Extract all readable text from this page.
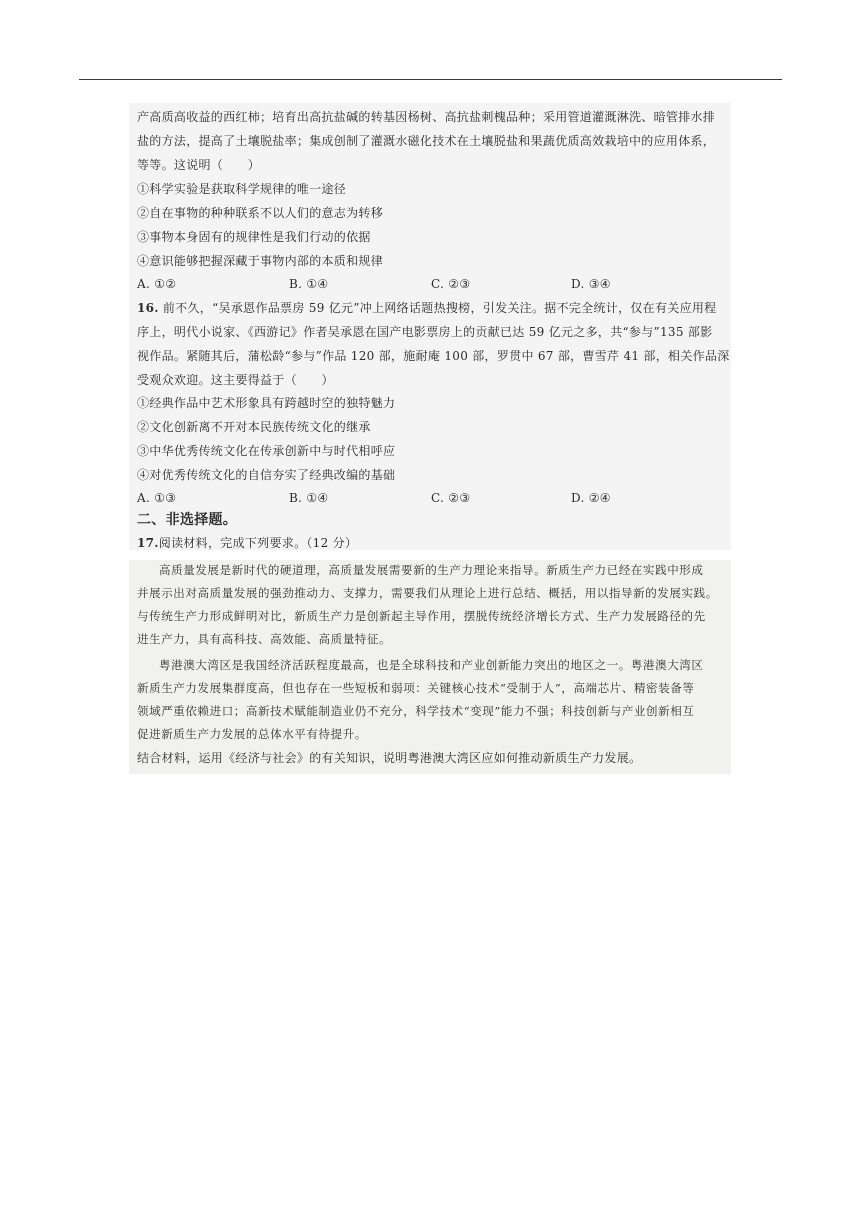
产高质高收益的西红柿；培育出高抗盐碱的转基因杨树、高抗盐刺槐品种；采用管道灌溉淋洗、暗管排水排
盐的方法，提高了土壤脱盐率；集成创制了灌溉水磁化技术在土壤脱盐和果蔬优质高效栽培中的应用体系，
等等。这说明（　　）
①科学实验是获取科学规律的唯一途径
②自在事物的种种联系不以人们的意志为转移
③事物本身固有的规律性是我们行动的依据
④意识能够把握深藏于事物内部的本质和规律
A. ①②	B. ①④	C. ②③	D. ③④
16. 前不久，“吴承恩作品票房 59 亿元”冲上网络话题热搜榜，引发关注。据不完全统计，仅在有关应用程
序上，明代小说家、《西游记》作者吴承恩在国产电影票房上的贡献已达 59 亿元之多，共“参与”135 部影
视作品。紧随其后，蒲松龄“参与”作品 120 部，施耐庵 100 部，罗贯中 67 部，曹雪芹 41 部，相关作品深
受观众欢迎。这主要得益于（　　）
①经典作品中艺术形象具有跨越时空的独特魅力
②文化创新离不开对本民族传统文化的继承
③中华优秀传统文化在传承创新中与时代相呼应
④对优秀传统文化的自信夯实了经典改编的基础
A. ①③	B. ①④	C. ②③	D. ②④
二、非选择题。
17.阅读材料，完成下列要求。（12 分）
高质量发展是新时代的硬道理，高质量发展需要新的生产力理论来指导。新质生产力已经在实践中形成
并展示出对高质量发展的强劲推动力、支撑力，需要我们从理论上进行总结、概括，用以指导新的发展实践。
与传统生产力形成鲜明对比，新质生产力是创新起主导作用，摆脱传统经济增长方式、生产力发展路径的先
进生产力，具有高科技、高效能、高质量特征。
粤港澳大湾区是我国经济活跃程度最高，也是全球科技和产业创新能力突出的地区之一。粤港澳大湾区
新质生产力发展集群度高，但也存在一些短板和弱项：关键核心技术“受制于人”，高端芯片、精密装备等
领域严重依赖进口；高新技术赋能制造业仍不充分，科学技术“变现”能力不强；科技创新与产业创新相互
促进新质生产力发展的总体水平有待提升。
结合材料，运用《经济与社会》的有关知识，说明粤港澳大湾区应如何推动新质生产力发展。
